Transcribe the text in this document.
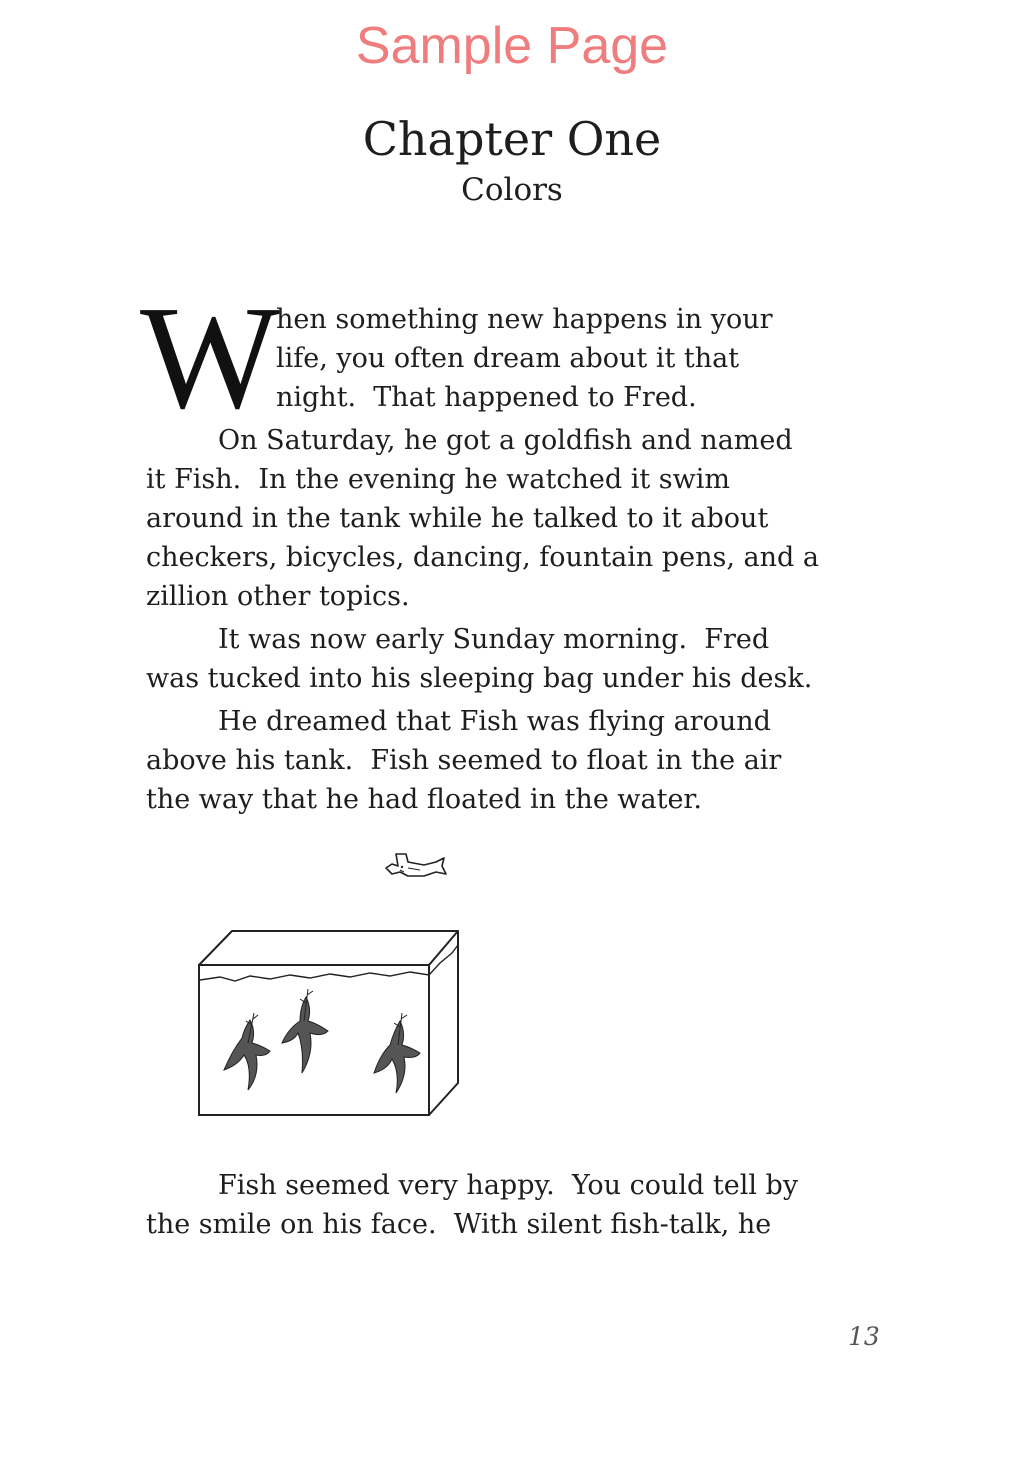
Sample Page
Chapter One
Colors
W
hen something new happens in your
life, you often dream about it that
night.  That happened to Fred.
On Saturday, he got a goldfish and named
it Fish.  In the evening he watched it swim
around in the tank while he talked to it about
checkers, bicycles, dancing, fountain pens, and a
zillion other topics.
It was now early Sunday morning.  Fred
was tucked into his sleeping bag under his desk.
He dreamed that Fish was flying around
above his tank.  Fish seemed to float in the air
the way that he had floated in the water.
Fish seemed very happy.  You could tell by
the smile on his face.  With silent fish-talk, he
13
